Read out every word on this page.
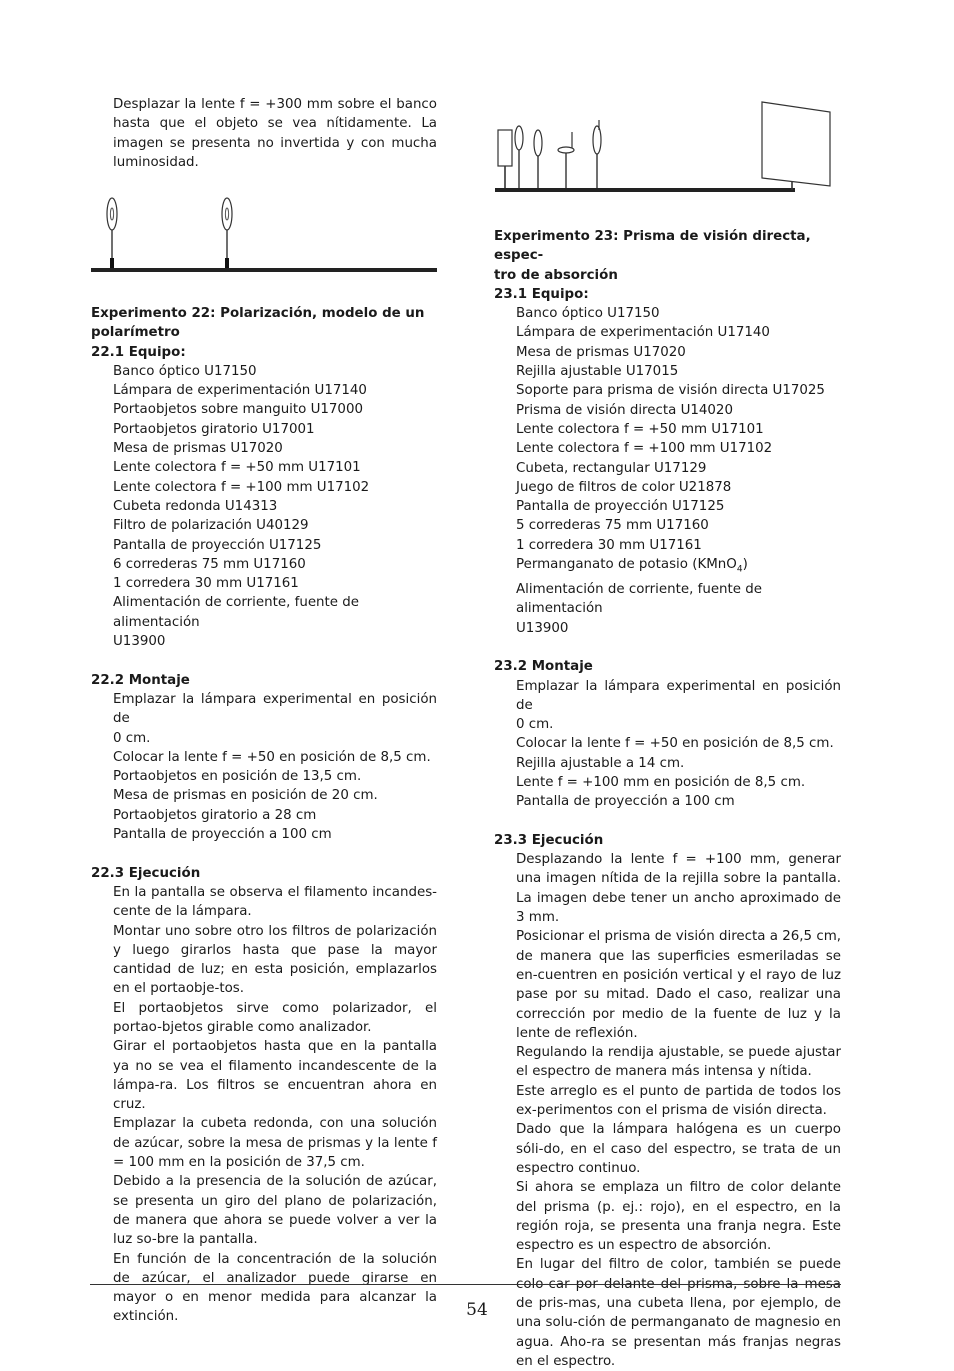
Desplazar la lente f = +300 mm sobre el banco hasta que el objeto se vea nítidamente. La imagen se presenta no invertida y con mucha luminosidad.

Experimento 22: Polarización, modelo de un

polarímetro

22.1 Equipo:

Banco óptico U17150
Lámpara de experimentación U17140
Portaobjetos sobre manguito U17000
Portaobjetos giratorio U17001
Mesa de prismas U17020
Lente colectora f = +50 mm U17101
Lente colectora f = +100 mm U17102
Cubeta redonda U14313
Filtro de polarización U40129
Pantalla de proyección U17125
6 correderas 75 mm U17160
1 corredera 30 mm U17161
Alimentación de corriente, fuente de alimentación
U13900

22.2 Montaje

Emplazar la lámpara experimental en posición de
0 cm.
Colocar la lente f = +50 en posición de 8,5 cm.
Portaobjetos en posición de 13,5 cm.
Mesa de prismas en posición de 20 cm.
Portaobjetos giratorio a 28 cm
Pantalla de proyección a 100 cm

22.3 Ejecución

En la pantalla se observa el filamento incandes-cente de la lámpara.

Montar uno sobre otro los filtros de polarización y luego girarlos hasta que pase la mayor cantidad de luz; en esta posición, emplazarlos en el portaobje-tos.

El portaobjetos sirve como polarizador, el portao-bjetos girable como analizador.

Girar el portaobjetos hasta que en la pantalla ya no se vea el filamento incandescente de la lámpa-ra. Los filtros se encuentran ahora en cruz.

Emplazar la cubeta redonda, con una solución de azúcar, sobre la mesa de prismas y la lente f = 100 mm en la posición de 37,5 cm.

Debido a la presencia de la solución de azúcar, se presenta un giro del plano de polarización, de manera que ahora se puede volver a ver la luz so-bre la pantalla.

En función de la concentración de la solución de azúcar, el analizador puede girarse en mayor o en menor medida para alcanzar la extinción.

Experimento 23: Prisma de visión directa, espec-

tro de absorción

23.1 Equipo:

Banco óptico U17150
Lámpara de experimentación U17140
Mesa de prismas U17020
Rejilla ajustable U17015
Soporte para prisma de visión directa U17025
Prisma de visión directa U14020
Lente colectora f = +50 mm U17101
Lente colectora f = +100 mm U17102
Cubeta, rectangular U17129
Juego de filtros de color U21878
Pantalla de proyección U17125
5 correderas 75 mm U17160
1 corredera 30 mm U17161
Permanganato de potasio (KMnO$_4$)
Alimentación de corriente, fuente de alimentación
U13900

23.2 Montaje

Emplazar la lámpara experimental en posición de
0 cm.
Colocar la lente f = +50 en posición de 8,5 cm.
Rejilla ajustable a 14 cm.
Lente f = +100 mm en posición de 8,5 cm.
Pantalla de proyección a 100 cm

23.3 Ejecución

Desplazando la lente f = +100 mm, generar una imagen nítida de la rejilla sobre la pantalla. La imagen debe tener un ancho aproximado de 3 mm.

Posicionar el prisma de visión directa a 26,5 cm, de manera que las superficies esmeriladas se en-cuentren en posición vertical y el rayo de luz pase por su mitad. Dado el caso, realizar una corrección por medio de la fuente de luz y la lente de reflexión.

Regulando la rendija ajustable, se puede ajustar el espectro de manera más intensa y nítida.

Este arreglo es el punto de partida de todos los ex-perimentos con el prisma de visión directa.

Dado que la lámpara halógena es un cuerpo sóli-do, en el caso del espectro, se trata de un espectro continuo.

Si ahora se emplaza un filtro de color delante del prisma (p. ej.: rojo), en el espectro, en la región roja, se presenta una franja negra. Este espectro es un espectro de absorción.

En lugar del filtro de color, también se puede colo-car por delante del prisma, sobre la mesa de pris-mas, una cubeta llena, por ejemplo, de una solu-ción de permanganato de magnesio en agua. Aho-ra se presentan más franjas negras en el espectro.

54
